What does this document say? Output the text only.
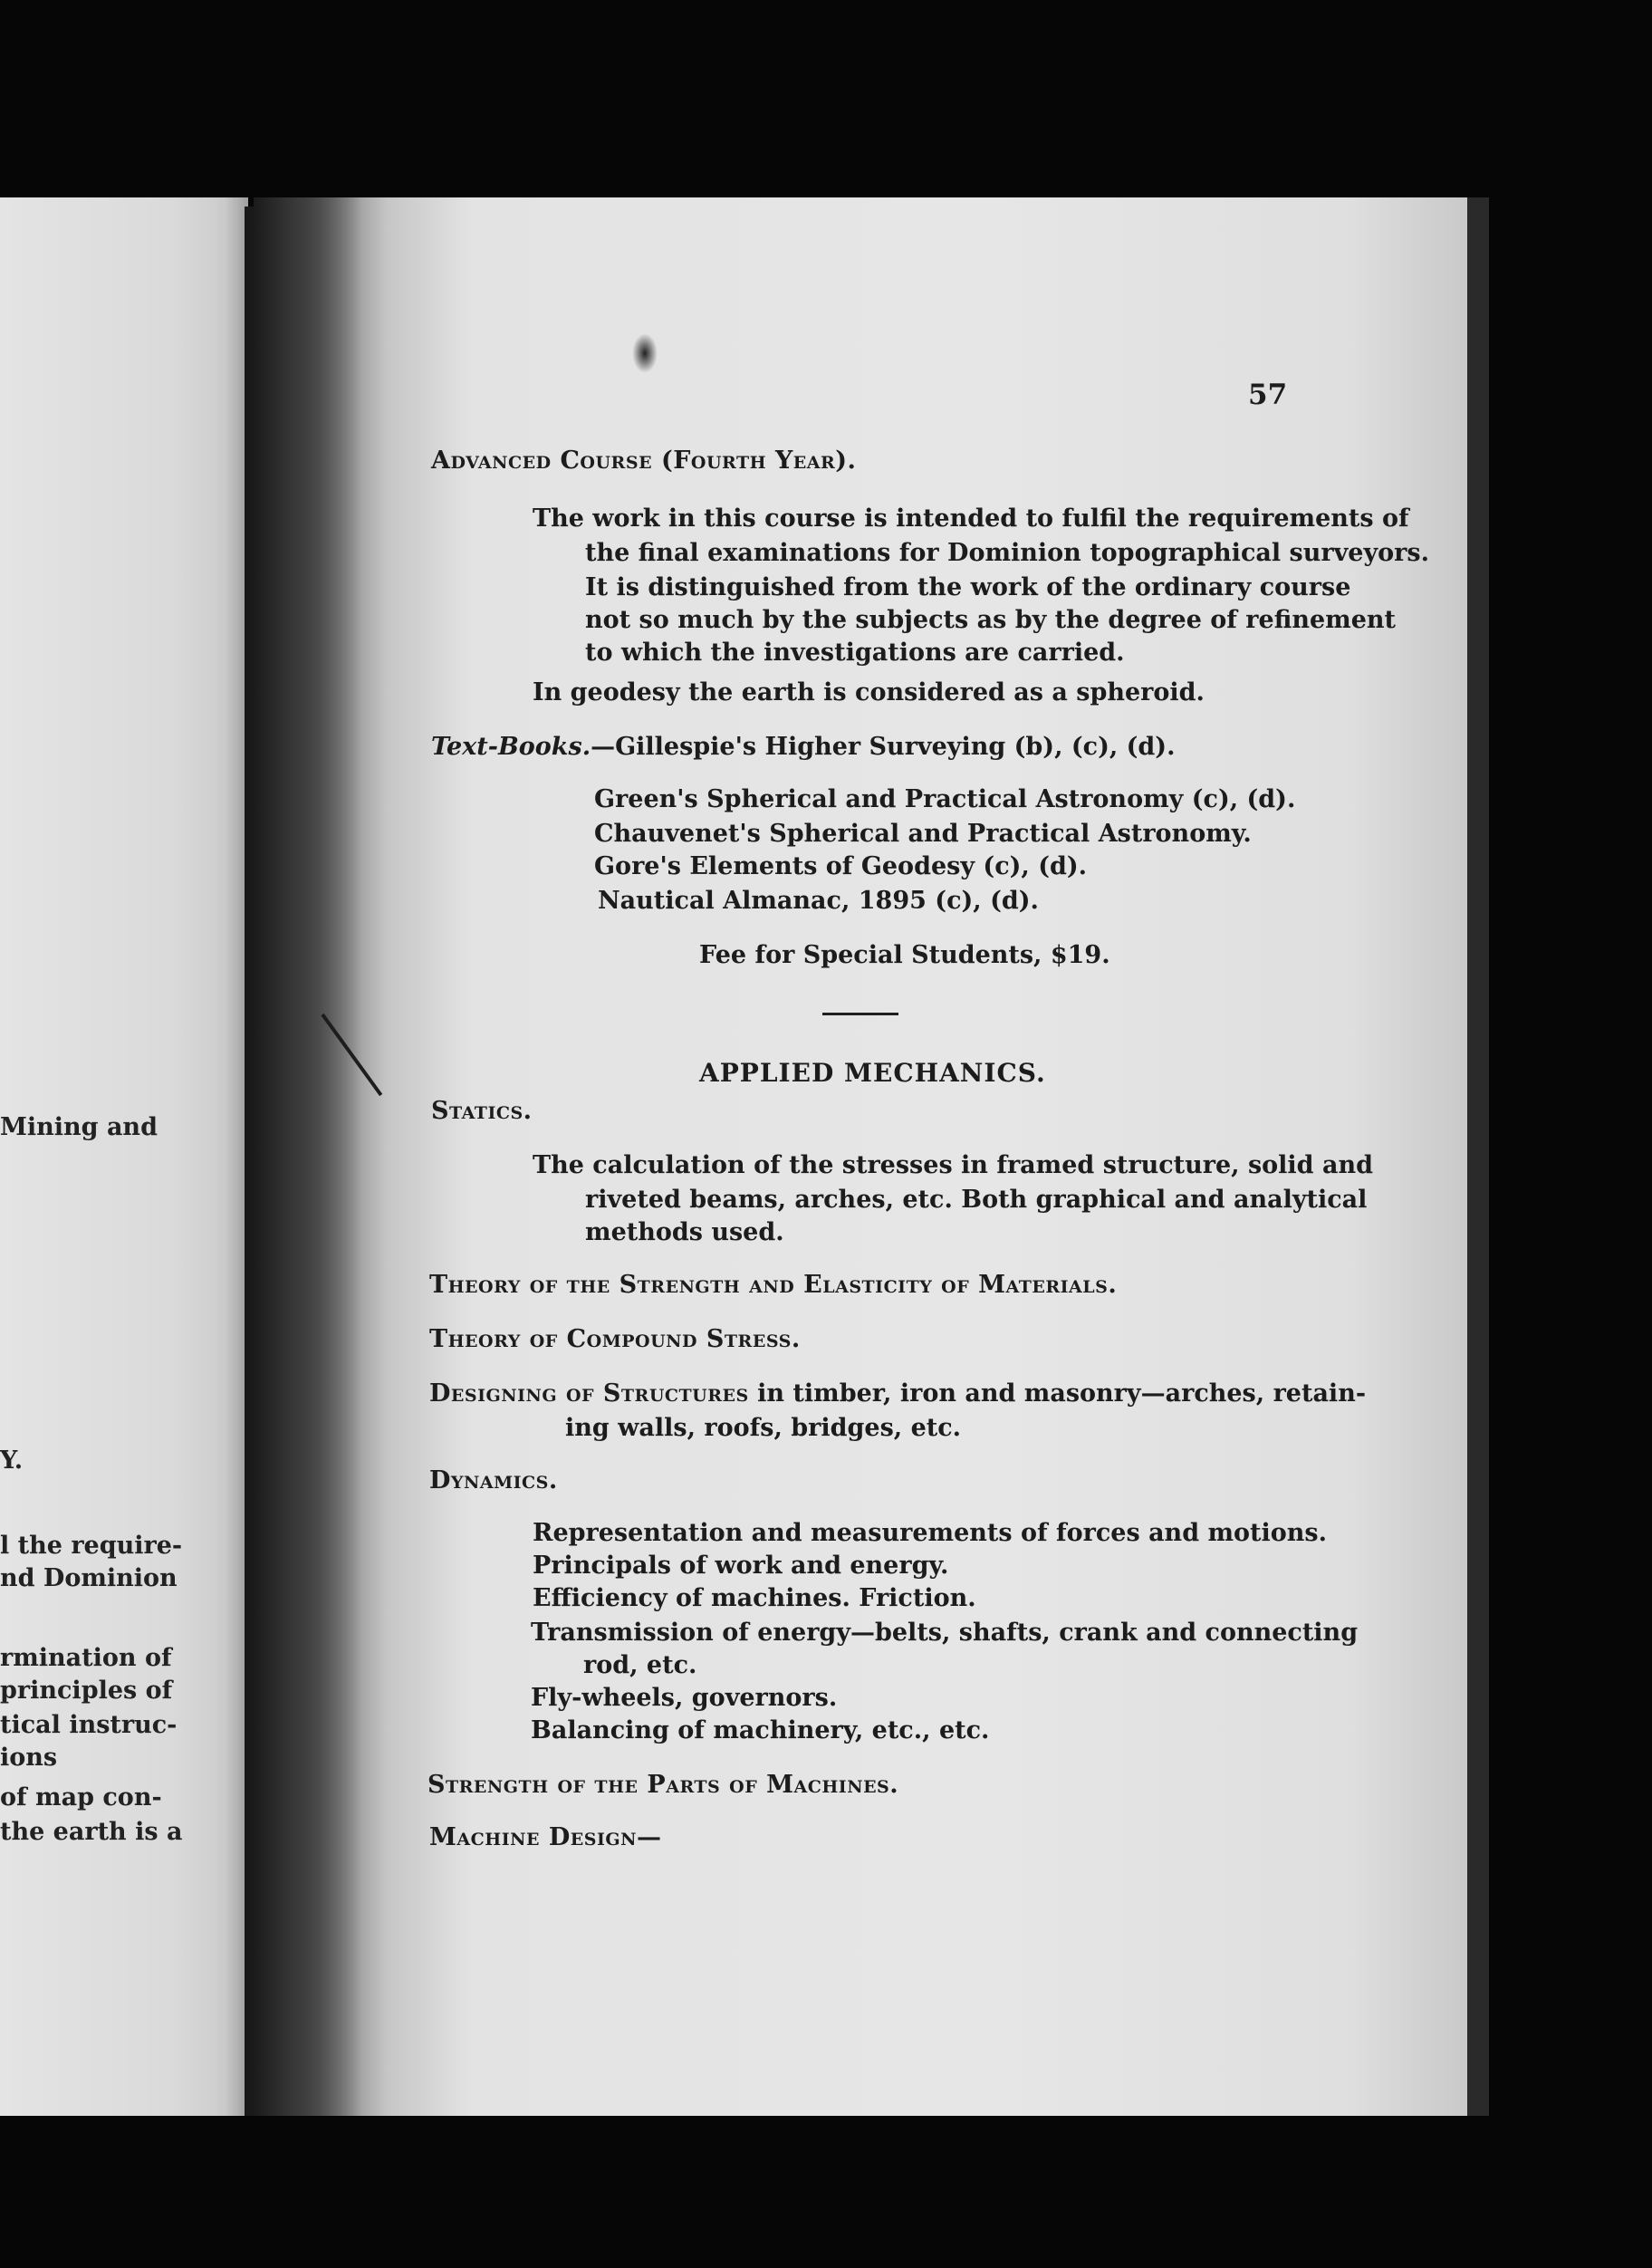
Mining and
Y.
l the require-
nd Dominion
rmination of
principles of
tical instruc-
ions
of map con-
the earth is a
57
Advanced Course (Fourth Year).
The work in this course is intended to fulfil the requirements of
the final examinations for Dominion topographical surveyors.
It is distinguished from the work of the ordinary course
not so much by the subjects as by the degree of refinement
to which the investigations are carried.
In geodesy the earth is considered as a spheroid.
Text-Books.—Gillespie's Higher Surveying (b), (c), (d).
Green's Spherical and Practical Astronomy (c), (d).
Chauvenet's Spherical and Practical Astronomy.
Gore's Elements of Geodesy (c), (d).
Nautical Almanac, 1895 (c), (d).
Fee for Special Students, $19.
APPLIED MECHANICS.
Statics.
The calculation of the stresses in framed structure, solid and
riveted beams, arches, etc. Both graphical and analytical
methods used.
Theory of the Strength and Elasticity of Materials.
Theory of Compound Stress.
Designing of Structures in timber, iron and masonry—arches, retain-
ing walls, roofs, bridges, etc.
Dynamics.
Representation and measurements of forces and motions.
Principals of work and energy.
Efficiency of machines. Friction.
Transmission of energy—belts, shafts, crank and connecting
rod, etc.
Fly-wheels, governors.
Balancing of machinery, etc., etc.
Strength of the Parts of Machines.
Machine Design—
